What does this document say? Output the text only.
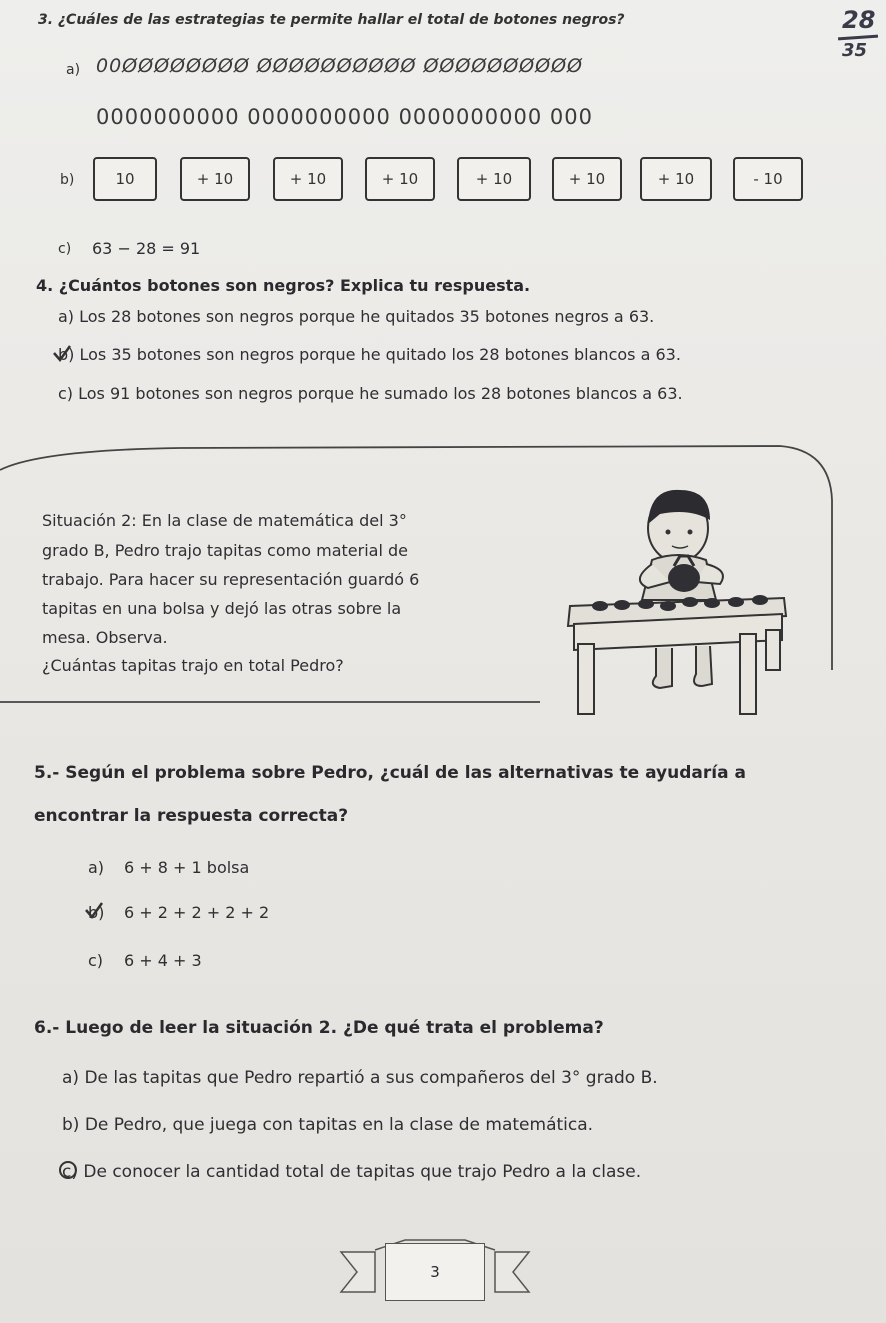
3. ¿Cuáles de las estrategias te permite hallar el total de botones negros?	28
35
a) 00ØØØØØØØØ ØØØØØØØØØØ ØØØØØØØØØØ
0000000000 0000000000 0000000000 000
b)	10	+ 10	+ 10	+ 10	+ 10	+ 10	+ 10	- 10
c) 63 − 28 = 91
4. ¿Cuántos botones son negros? Explica tu respuesta.
a) Los 28 botones son negros porque he quitados 35 botones negros a 63.
b) Los 35 botones son negros porque he quitado los 28 botones blancos a 63.
c) Los 91 botones son negros porque he sumado los 28 botones blancos a 63.
Situación 2: En la clase de matemática del 3°
grado B, Pedro trajo tapitas como material de
trabajo. Para hacer su representación guardó 6
tapitas en una bolsa y dejó las otras sobre la
mesa. Observa.
¿Cuántas tapitas trajo en total Pedro?
5.- Según el problema sobre Pedro, ¿cuál de las alternativas te ayudaría a
encontrar la respuesta correcta?
a) 6 + 8 + 1 bolsa
b) 6 + 2 + 2 + 2 + 2
c) 6 + 4 + 3
6.- Luego de leer la situación 2. ¿De qué trata el problema?
a) De las tapitas que Pedro repartió a sus compañeros del 3° grado B.
b) De Pedro, que juega con tapitas en la clase de matemática.
c) De conocer la cantidad total de tapitas que trajo Pedro a la clase.
3
